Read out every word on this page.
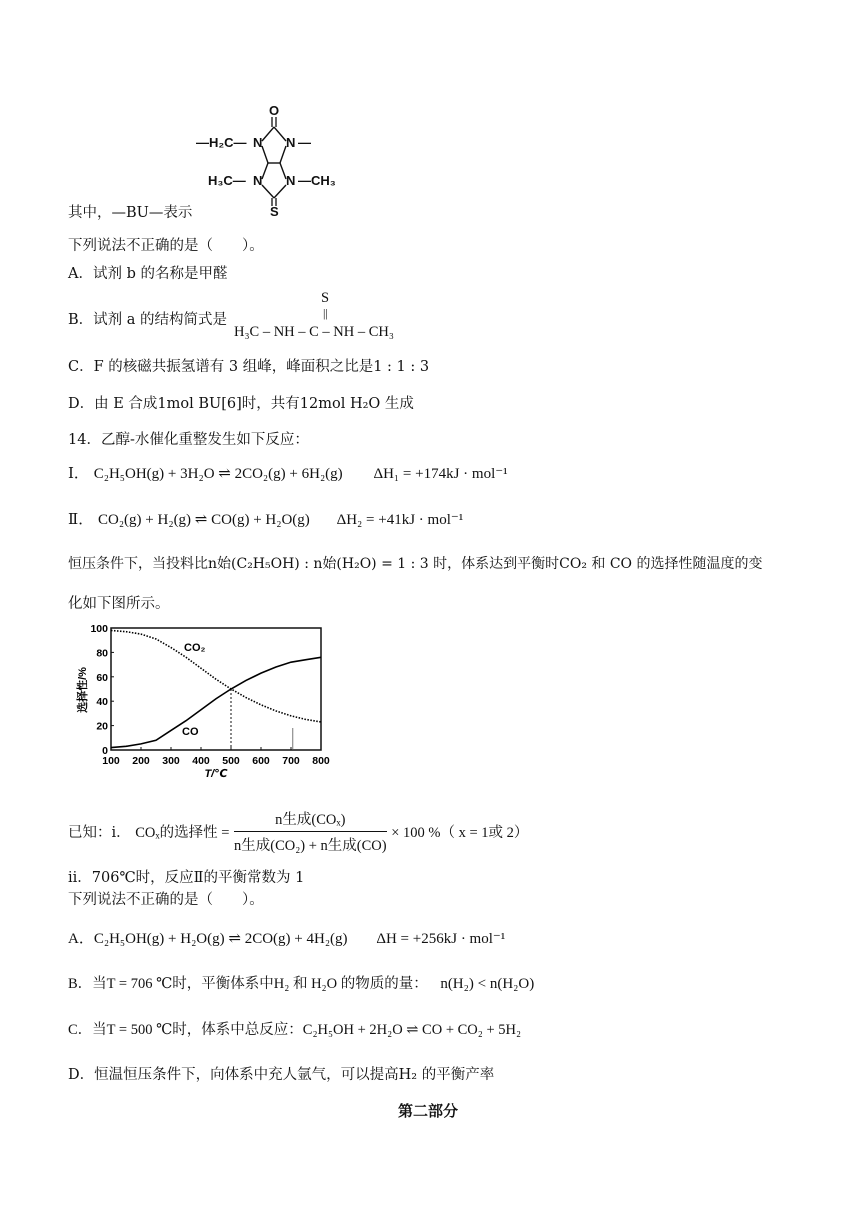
O
—H₂C— N N —
H₃C— N N —CH₃
S
其中，—BU—表示
下列说法不正确的是（　　）。
A．试剂 b 的名称是甲醛
B．试剂 a 的结构简式是
S
||
H₃C – NH – C – NH – CH₃
C．F 的核磁共振氢谱有 3 组峰，峰面积之比是1 : 1 : 3
D．由 E 合成1mol BU[6]时，共有12mol H₂O 生成
14．乙醇-水催化重整发生如下反应：
Ⅰ． C₂H₅OH(g) + 3H₂O ⇌ 2CO₂(g) + 6H₂(g) ΔH₁ = +174kJ · mol⁻¹
Ⅱ． CO₂(g) + H₂(g) ⇌ CO(g) + H₂O(g) ΔH₂ = +41kJ · mol⁻¹
恒压条件下，当投料比n始(C₂H₅OH) : n始(H₂O) = 1 : 3 时，体系达到平衡时CO₂ 和 CO 的选择性随温度的变
化如下图所示。
100 200 300 400 500 600 700 800
0
20
40
60
80
100
选择性/%
T/℃
CO₂
CO
已知：ⅰ． COₓ的选择性 = $\frac{\text{n生成(COₓ)}}{\text{n生成(CO₂) + n生成(CO)}} \times 100$ %（ x = 1或 2）
ⅱ．706℃时，反应Ⅱ的平衡常数为 1
下列说法不正确的是（　　）。
A．C₂H₅OH(g) + H₂O(g) ⇌ 2CO(g) + 4H₂(g) ΔH = +256kJ · mol⁻¹
B．当T = 706 ℃时，平衡体系中H₂ 和 H₂O 的物质的量： n(H₂) < n(H₂O)
C．当T = 500 ℃时，体系中总反应：C₂H₅OH + 2H₂O ⇌ CO + CO₂ + 5H₂
D．恒温恒压条件下，向体系中充人氩气，可以提高H₂ 的平衡产率
第二部分
